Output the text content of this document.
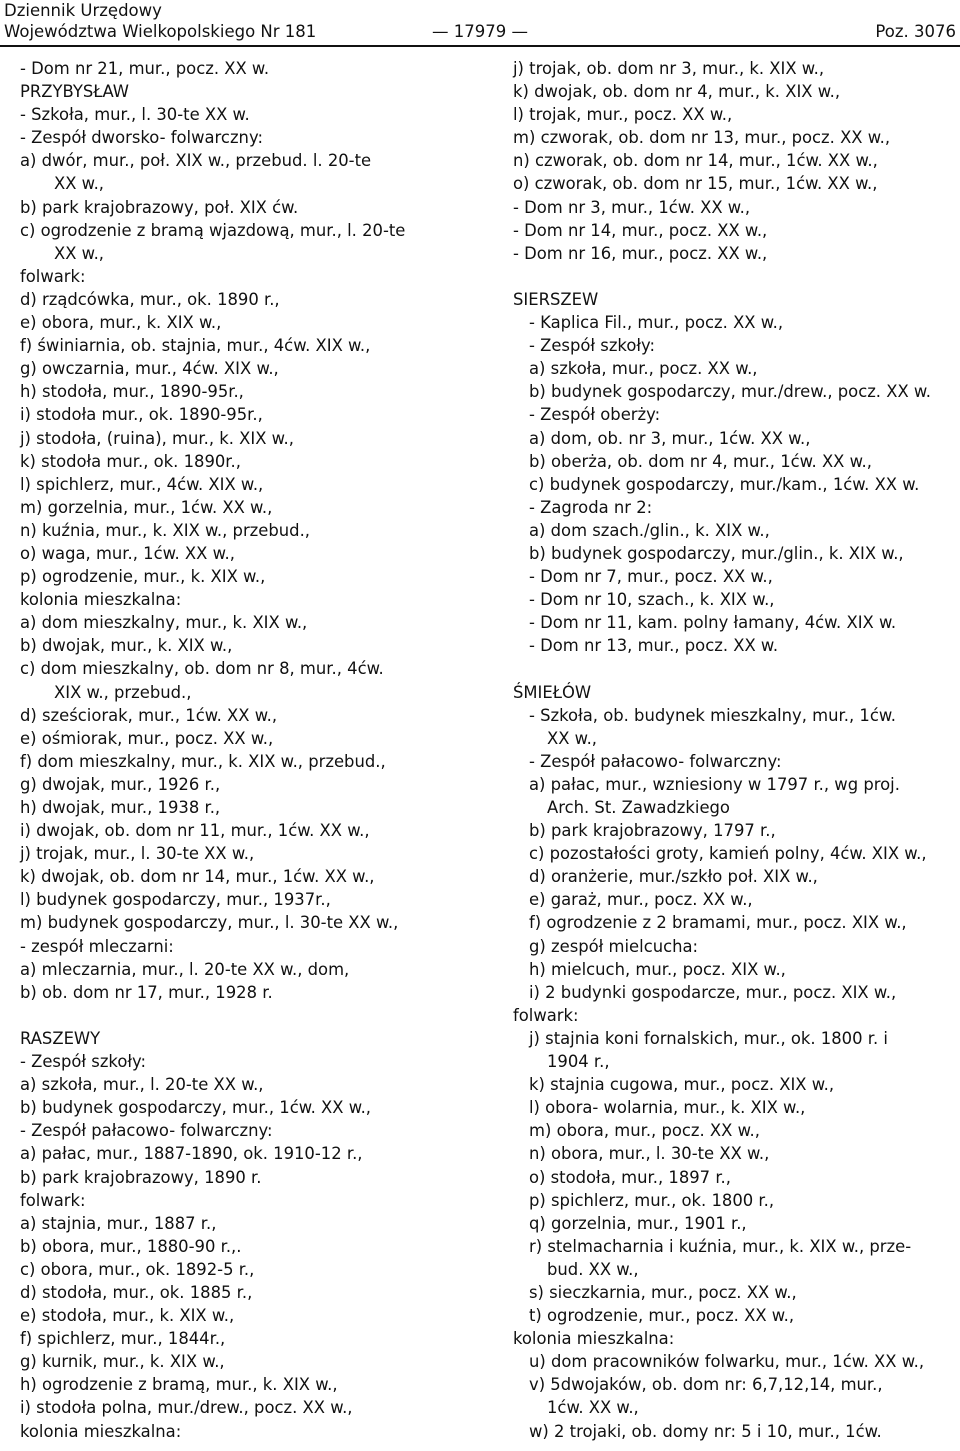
Dziennik Urzędowy
Województwa Wielkopolskiego Nr 181	— 17979 —	Poz. 3076
- Dom nr 21, mur., pocz. XX w.
PRZYBYSŁAW
- Szkoła, mur., l. 30-te XX w.
- Zespół dworsko- folwarczny:
a) dwór, mur., poł. XIX w., przebud. l. 20-te
XX w.,
b) park krajobrazowy, poł. XIX ćw.
c) ogrodzenie z bramą wjazdową, mur., l. 20-te
XX w.,
folwark:
d) rządcówka, mur., ok. 1890 r.,
e) obora, mur., k. XIX w.,
f) świniarnia, ob. stajnia, mur., 4ćw. XIX w.,
g) owczarnia, mur., 4ćw. XIX w.,
h) stodoła, mur., 1890-95r.,
i) stodoła mur., ok. 1890-95r.,
j) stodoła, (ruina), mur., k. XIX w.,
k) stodoła mur., ok. 1890r.,
l) spichlerz, mur., 4ćw. XIX w.,
m) gorzelnia, mur., 1ćw. XX w.,
n) kuźnia, mur., k. XIX w., przebud.,
o) waga, mur., 1ćw. XX w.,
p) ogrodzenie, mur., k. XIX w.,
kolonia mieszkalna:
a) dom mieszkalny, mur., k. XIX w.,
b) dwojak, mur., k. XIX w.,
c) dom mieszkalny, ob. dom nr 8, mur., 4ćw.
XIX w., przebud.,
d) sześciorak, mur., 1ćw. XX w.,
e) ośmiorak, mur., pocz. XX w.,
f) dom mieszkalny, mur., k. XIX w., przebud.,
g) dwojak, mur., 1926 r.,
h) dwojak, mur., 1938 r.,
i) dwojak, ob. dom nr 11, mur., 1ćw. XX w.,
j) trojak, mur., l. 30-te XX w.,
k) dwojak, ob. dom nr 14, mur., 1ćw. XX w.,
l) budynek gospodarczy, mur., 1937r.,
m) budynek gospodarczy, mur., l. 30-te XX w.,
- zespół mleczarni:
a) mleczarnia, mur., l. 20-te XX w., dom,
b) ob. dom nr 17, mur., 1928 r.
RASZEWY
- Zespół szkoły:
a) szkoła, mur., l. 20-te XX w.,
b) budynek gospodarczy, mur., 1ćw. XX w.,
- Zespół pałacowo- folwarczny:
a) pałac, mur., 1887-1890, ok. 1910-12 r.,
b) park krajobrazowy, 1890 r.
folwark:
a) stajnia, mur., 1887 r.,
b) obora, mur., 1880-90 r.,.
c) obora, mur., ok. 1892-5 r.,
d) stodoła, mur., ok. 1885 r.,
e) stodoła, mur., k. XIX w.,
f) spichlerz, mur., 1844r.,
g) kurnik, mur., k. XIX w.,
h) ogrodzenie z bramą, mur., k. XIX w.,
i) stodoła polna, mur./drew., pocz. XX w.,
kolonia mieszkalna:
j) trojak, ob. dom nr 3, mur., k. XIX w.,
k) dwojak, ob. dom nr 4, mur., k. XIX w.,
l) trojak, mur., pocz. XX w.,
m) czworak, ob. dom nr 13, mur., pocz. XX w.,
n) czworak, ob. dom nr 14, mur., 1ćw. XX w.,
o) czworak, ob. dom nr 15, mur., 1ćw. XX w.,
- Dom nr 3, mur., 1ćw. XX w.,
- Dom nr 14, mur., pocz. XX w.,
- Dom nr 16, mur., pocz. XX w.,
SIERSZEW
- Kaplica Fil., mur., pocz. XX w.,
- Zespół szkoły:
a) szkoła, mur., pocz. XX w.,
b) budynek gospodarczy, mur./drew., pocz. XX w.
- Zespół oberży:
a) dom, ob. nr 3, mur., 1ćw. XX w.,
b) oberża, ob. dom nr 4, mur., 1ćw. XX w.,
c) budynek gospodarczy, mur./kam., 1ćw. XX w.
- Zagroda nr 2:
a) dom szach./glin., k. XIX w.,
b) budynek gospodarczy, mur./glin., k. XIX w.,
- Dom nr 7, mur., pocz. XX w.,
- Dom nr 10, szach., k. XIX w.,
- Dom nr 11, kam. polny łamany, 4ćw. XIX w.
- Dom nr 13, mur., pocz. XX w.
ŚMIEŁÓW
- Szkoła, ob. budynek mieszkalny, mur., 1ćw.
XX w.,
- Zespół pałacowo- folwarczny:
a) pałac, mur., wzniesiony w 1797 r., wg proj.
Arch. St. Zawadzkiego
b) park krajobrazowy, 1797 r.,
c) pozostałości groty, kamień polny, 4ćw. XIX w.,
d) oranżerie, mur./szkło poł. XIX w.,
e) garaż, mur., pocz. XX w.,
f) ogrodzenie z 2 bramami, mur., pocz. XIX w.,
g) zespół mielcucha:
h) mielcuch, mur., pocz. XIX w.,
i) 2 budynki gospodarcze, mur., pocz. XIX w.,
folwark:
j) stajnia koni fornalskich, mur., ok. 1800 r. i
1904 r.,
k) stajnia cugowa, mur., pocz. XIX w.,
l) obora- wolarnia, mur., k. XIX w.,
m) obora, mur., pocz. XX w.,
n) obora, mur., l. 30-te XX w.,
o) stodoła, mur., 1897 r.,
p) spichlerz, mur., ok. 1800 r.,
q) gorzelnia, mur., 1901 r.,
r) stelmacharnia i kuźnia, mur., k. XIX w., prze-
bud. XX w.,
s) sieczkarnia, mur., pocz. XX w.,
t) ogrodzenie, mur., pocz. XX w.,
kolonia mieszkalna:
u) dom pracowników folwarku, mur., 1ćw. XX w.,
v) 5dwojaków, ob. dom nr: 6,7,12,14, mur.,
1ćw. XX w.,
w) 2 trojaki, ob. domy nr: 5 i 10, mur., 1ćw.
